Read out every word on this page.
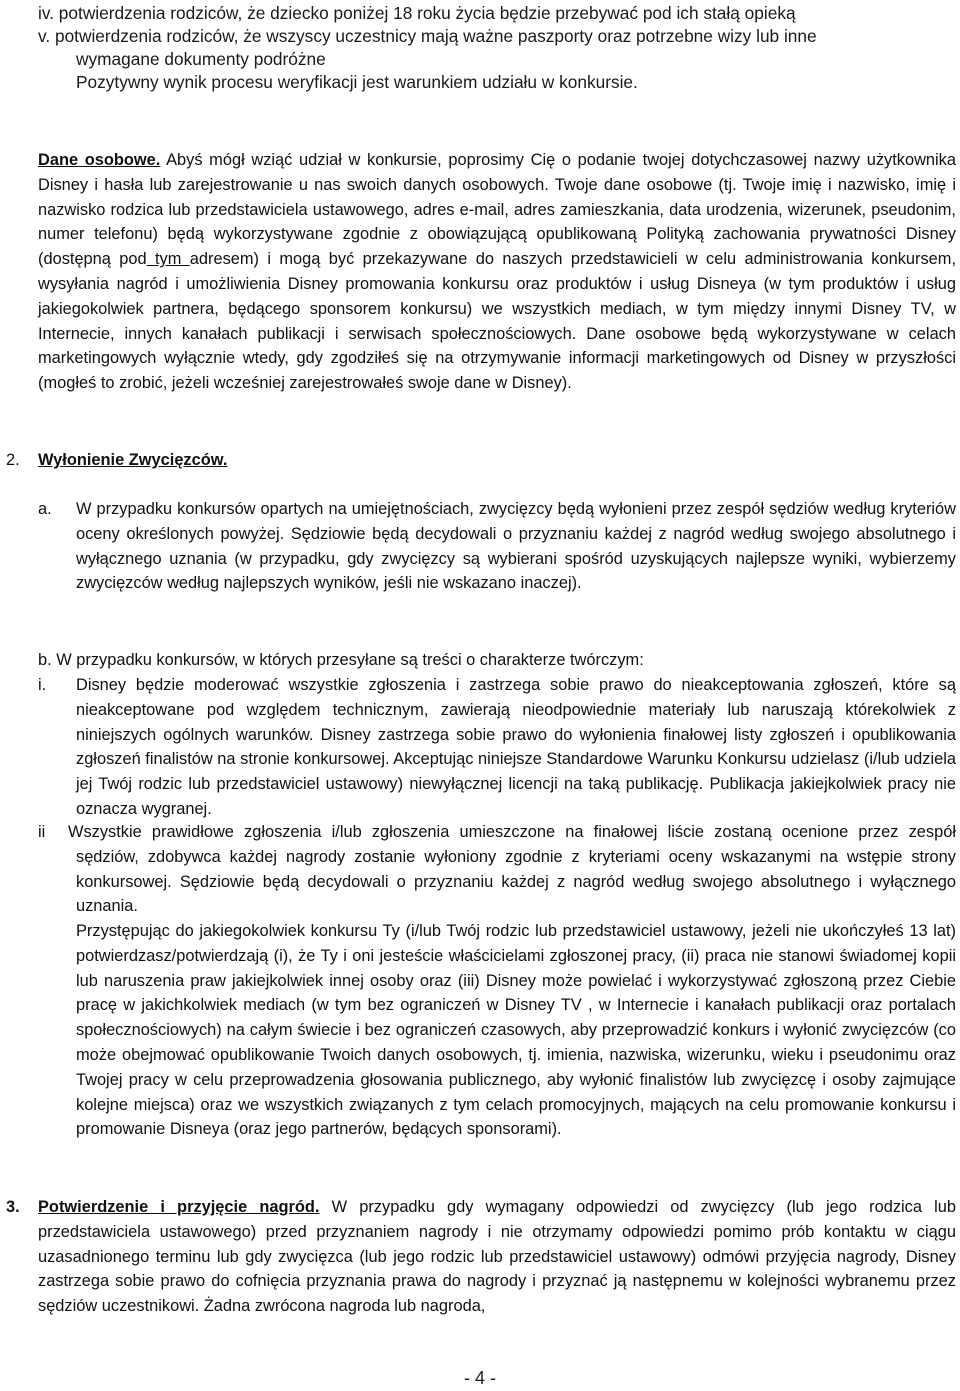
iv. potwierdzenia rodziców, że dziecko poniżej 18 roku życia będzie przebywać pod ich stałą opieką

v. potwierdzenia rodziców, że wszyscy uczestnicy mają ważne paszporty oraz potrzebne wizy lub inne

wymagane dokumenty podróżne

Pozytywny wynik procesu weryfikacji jest warunkiem udziału w konkursie.

Dane osobowe. Abyś mógł wziąć udział w konkursie, poprosimy Cię o podanie twojej dotychczasowej nazwy użytkownika Disney i hasła lub zarejestrowanie u nas swoich danych osobowych. Twoje dane osobowe (tj. Twoje imię i nazwisko, imię i nazwisko rodzica lub przedstawiciela ustawowego, adres e-mail, adres zamieszkania, data urodzenia, wizerunek, pseudonim, numer telefonu) będą wykorzystywane zgodnie z obowiązującą opublikowaną Polityką zachowania prywatności Disney (dostępną pod tym adresem) i mogą być przekazywane do naszych przedstawicieli w celu administrowania konkursem, wysyłania nagród i umożliwienia Disney promowania konkursu oraz produktów i usług Disneya (w tym produktów i usług jakiegokolwiek partnera, będącego sponsorem konkursu) we wszystkich mediach, w tym między innymi Disney TV, w Internecie, innych kanałach publikacji i serwisach społecznościowych. Dane osobowe będą wykorzystywane w celach marketingowych wyłącznie wtedy, gdy zgodziłeś się na otrzymywanie informacji marketingowych od Disney w przyszłości (mogłeś to zrobić, jeżeli wcześniej zarejestrowałeś swoje dane w Disney).
2. Wyłonienie Zwycięzców.
a. W przypadku konkursów opartych na umiejętnościach, zwycięzcy będą wyłonieni przez zespół sędziów według kryteriów oceny określonych powyżej. Sędziowie będą decydowali o przyznaniu każdej z nagród według swojego absolutnego i wyłącznego uznania (w przypadku, gdy zwycięzcy są wybierani spośród uzyskujących najlepsze wyniki, wybierzemy zwycięzców według najlepszych wyników, jeśli nie wskazano inaczej).
b. W przypadku konkursów, w których przesyłane są treści o charakterze twórczym:
i. Disney będzie moderować wszystkie zgłoszenia i zastrzega sobie prawo do nieakceptowania zgłoszeń, które są nieakceptowane pod względem technicznym, zawierają nieodpowiednie materiały lub naruszają którekolwiek z niniejszych ogólnych warunków. Disney zastrzega sobie prawo do wyłonienia finałowej listy zgłoszeń i opublikowania zgłoszeń finalistów na stronie konkursowej. Akceptując niniejsze Standardowe Warunku Konkursu udzielasz (i/lub udziela jej Twój rodzic lub przedstawiciel ustawowy) niewyłącznej licencji na taką publikację. Publikacja jakiejkolwiek pracy nie oznacza wygranej.
ii Wszystkie prawidłowe zgłoszenia i/lub zgłoszenia umieszczone na finałowej liście zostaną ocenione przez zespół sędziów, zdobywca każdej nagrody zostanie wyłoniony zgodnie z kryteriami oceny wskazanymi na wstępie strony konkursowej. Sędziowie będą decydowali o przyznaniu każdej z nagród według swojego absolutnego i wyłącznego uznania.
Przystępując do jakiegokolwiek konkursu Ty (i/lub Twój rodzic lub przedstawiciel ustawowy, jeżeli nie ukończyłeś 13 lat) potwierdzasz/potwierdzają (i), że Ty i oni jesteście właścicielami zgłoszonej pracy, (ii) praca nie stanowi świadomej kopii lub naruszenia praw jakiejkolwiek innej osoby oraz (iii) Disney może powielać i wykorzystywać zgłoszoną przez Ciebie pracę w jakichkolwiek mediach (w tym bez ograniczeń w Disney TV , w Internecie i kanałach publikacji oraz portalach społecznościowych) na całym świecie i bez ograniczeń czasowych, aby przeprowadzić konkurs i wyłonić zwycięzców (co może obejmować opublikowanie Twoich danych osobowych, tj. imienia, nazwiska, wizerunku, wieku i pseudonimu oraz Twojej pracy w celu przeprowadzenia głosowania publicznego, aby wyłonić finalistów lub zwycięzcę i osoby zajmujące kolejne miejsca) oraz we wszystkich związanych z tym celach promocyjnych, mających na celu promowanie konkursu i promowanie Disneya (oraz jego partnerów, będących sponsorami).
3. Potwierdzenie i przyjęcie nagród. W przypadku gdy wymagany odpowiedzi od zwycięzcy (lub jego rodzica lub przedstawiciela ustawowego) przed przyznaniem nagrody i nie otrzymamy odpowiedzi pomimo prób kontaktu w ciągu uzasadnionego terminu lub gdy zwycięzca (lub jego rodzic lub przedstawiciel ustawowy) odmówi przyjęcia nagrody, Disney zastrzega sobie prawo do cofnięcia przyznania prawa do nagrody i przyznać ją następnemu w kolejności wybranemu przez sędziów uczestnikowi. Żadna zwrócona nagroda lub nagroda,
- 4 -
